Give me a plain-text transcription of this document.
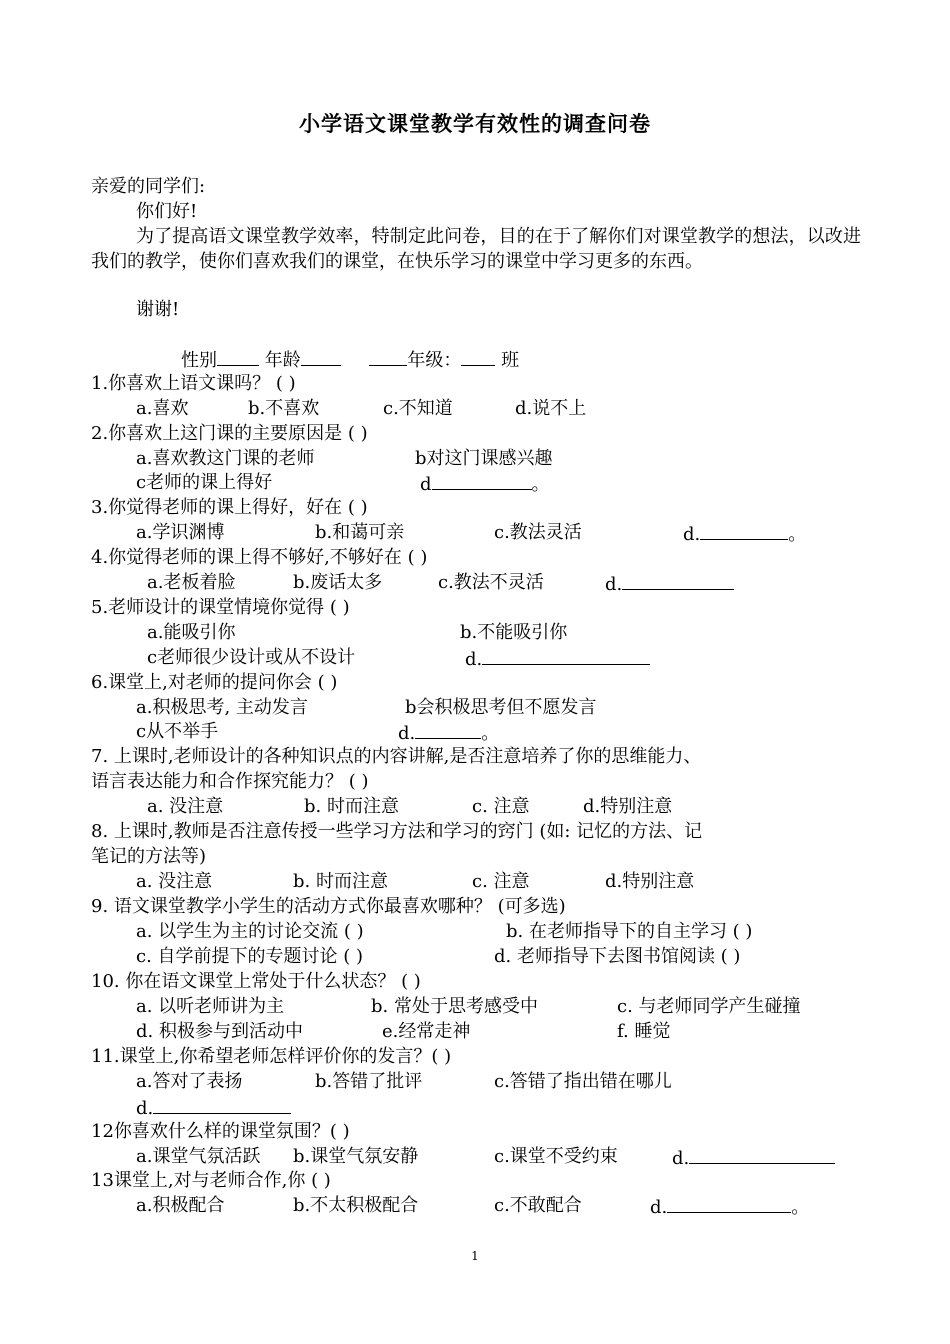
小学语文课堂教学有效性的调查问卷
亲爱的同学们:
你们好!
为了提高语文课堂教学效率，特制定此问卷，目的在于了解你们对课堂教学的想法，以改进我们的教学，使你们喜欢我们的课堂，在快乐学习的课堂中学习更多的东西。
谢谢!
性别	年龄	年级： 班
1.你喜欢上语文课吗？ ( )
a.喜欢	b.不喜欢	c.不知道	d.说不上
2.你喜欢上这门课的主要原因是 ( )
a.喜欢教这门课的老师	b对这门课感兴趣
c老师的课上得好	d	。
3.你觉得老师的课上得好，好在 ( )
a.学识渊博	b.和蔼可亲	c.教法灵活	d.	。
4.你觉得老师的课上得不够好,不够好在 ( )
a.老板着脸	b.废话太多	c.教法不灵活	d.
5.老师设计的课堂情境你觉得 ( )
a.能吸引你	b.不能吸引你
c老师很少设计或从不设计	d.
6.课堂上,对老师的提问你会 ( )
a.积极思考, 主动发言	b会积极思考但不愿发言
c从不举手	d.	。
7. 上课时,老师设计的各种知识点的内容讲解,是否注意培养了你的思维能力、
语言表达能力和合作探究能力？ ( )
a. 没注意	b. 时而注意	c. 注意	d.特别注意
8. 上课时,教师是否注意传授一些学习方法和学习的窍门 (如: 记忆的方法、记
笔记的方法等)
a. 没注意	b. 时而注意	c. 注意	d.特别注意
9. 语文课堂教学小学生的活动方式你最喜欢哪种？ (可多选)
a. 以学生为主的讨论交流 ( )	b. 在老师指导下的自主学习 ( )
c. 自学前提下的专题讨论 ( )	d. 老师指导下去图书馆阅读 ( )
10. 你在语文课堂上常处于什么状态？ ( )
a. 以听老师讲为主	b. 常处于思考感受中	c. 与老师同学产生碰撞
d. 积极参与到活动中	e.经常走神	f. 睡觉
11.课堂上,你希望老师怎样评价你的发言？( )
a.答对了表扬	b.答错了批评	c.答错了指出错在哪儿
d.
12你喜欢什么样的课堂氛围？( )
a.课堂气氛活跃 b.课堂气氛安静	c.课堂不受约束	d.
13课堂上,对与老师合作,你 ( )
a.积极配合	b.不太积极配合	c.不敢配合	d.	。
1
